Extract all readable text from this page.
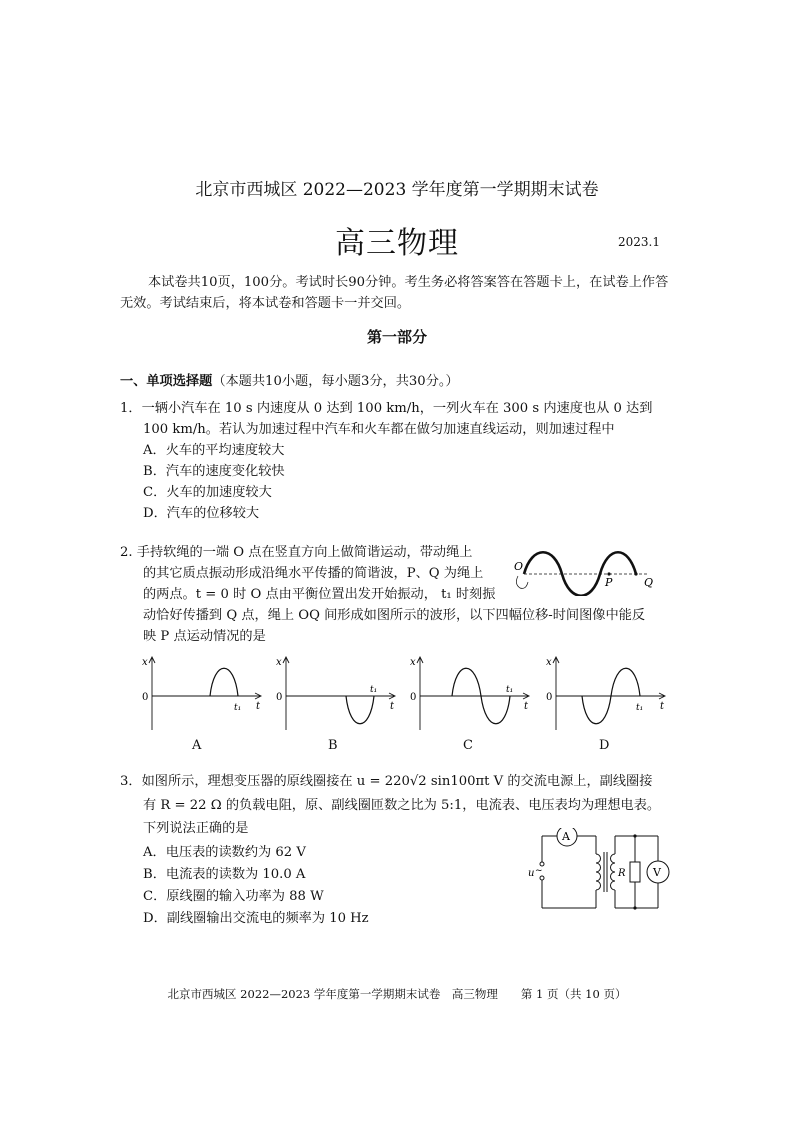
北京市西城区 2022—2023 学年度第一学期期末试卷
高三物理	2023.1
本试卷共10页，100分。考试时长90分钟。考生务必将答案答在答题卡上，在试卷上作答无效。考试结束后，将本试卷和答题卡一并交回。
第一部分
一、单项选择题（本题共10小题，每小题3分，共30分。）
1．一辆小汽车在 10 s 内速度从 0 达到 100 km/h，一列火车在 300 s 内速度也从 0 达到
100 km/h。若认为加速过程中汽车和火车都在做匀加速直线运动，则加速过程中
A．火车的平均速度较大
B．汽车的速度变化较快
C．火车的加速度较大
D．汽车的位移较大
2. 手持软绳的一端 O 点在竖直方向上做简谐运动，带动绳上
的其它质点振动形成沿绳水平传播的简谐波，P、Q 为绳上
的两点。t = 0 时 O 点由平衡位置出发开始振动， t₁ 时刻振
动恰好传播到 Q 点，绳上 OQ 间形成如图所示的波形，以下四幅位移-时间图像中能反
映 P 点运动情况的是
O
P	Q
x
0
t
t₁
A
x
0
t
t₁
B
x
0
t
t₁
C
x
0
t
t₁
D
3．如图所示，理想变压器的原线圈接在 u = 220√2 sin100πt V 的交流电源上，副线圈接
有 R = 22 Ω 的负载电阻，原、副线圈匝数之比为 5:1，电流表、电压表均为理想电表。
下列说法正确的是
A．电压表的读数约为 62 V
B．电流表的读数为 10.0 A
C．原线圈的输入功率为 88 W
D．副线圈输出交流电的频率为 10 Hz
A
V
R
u ~
北京市西城区 2022—2023 学年度第一学期期末试卷　高三物理　　第 1 页（共 10 页）
